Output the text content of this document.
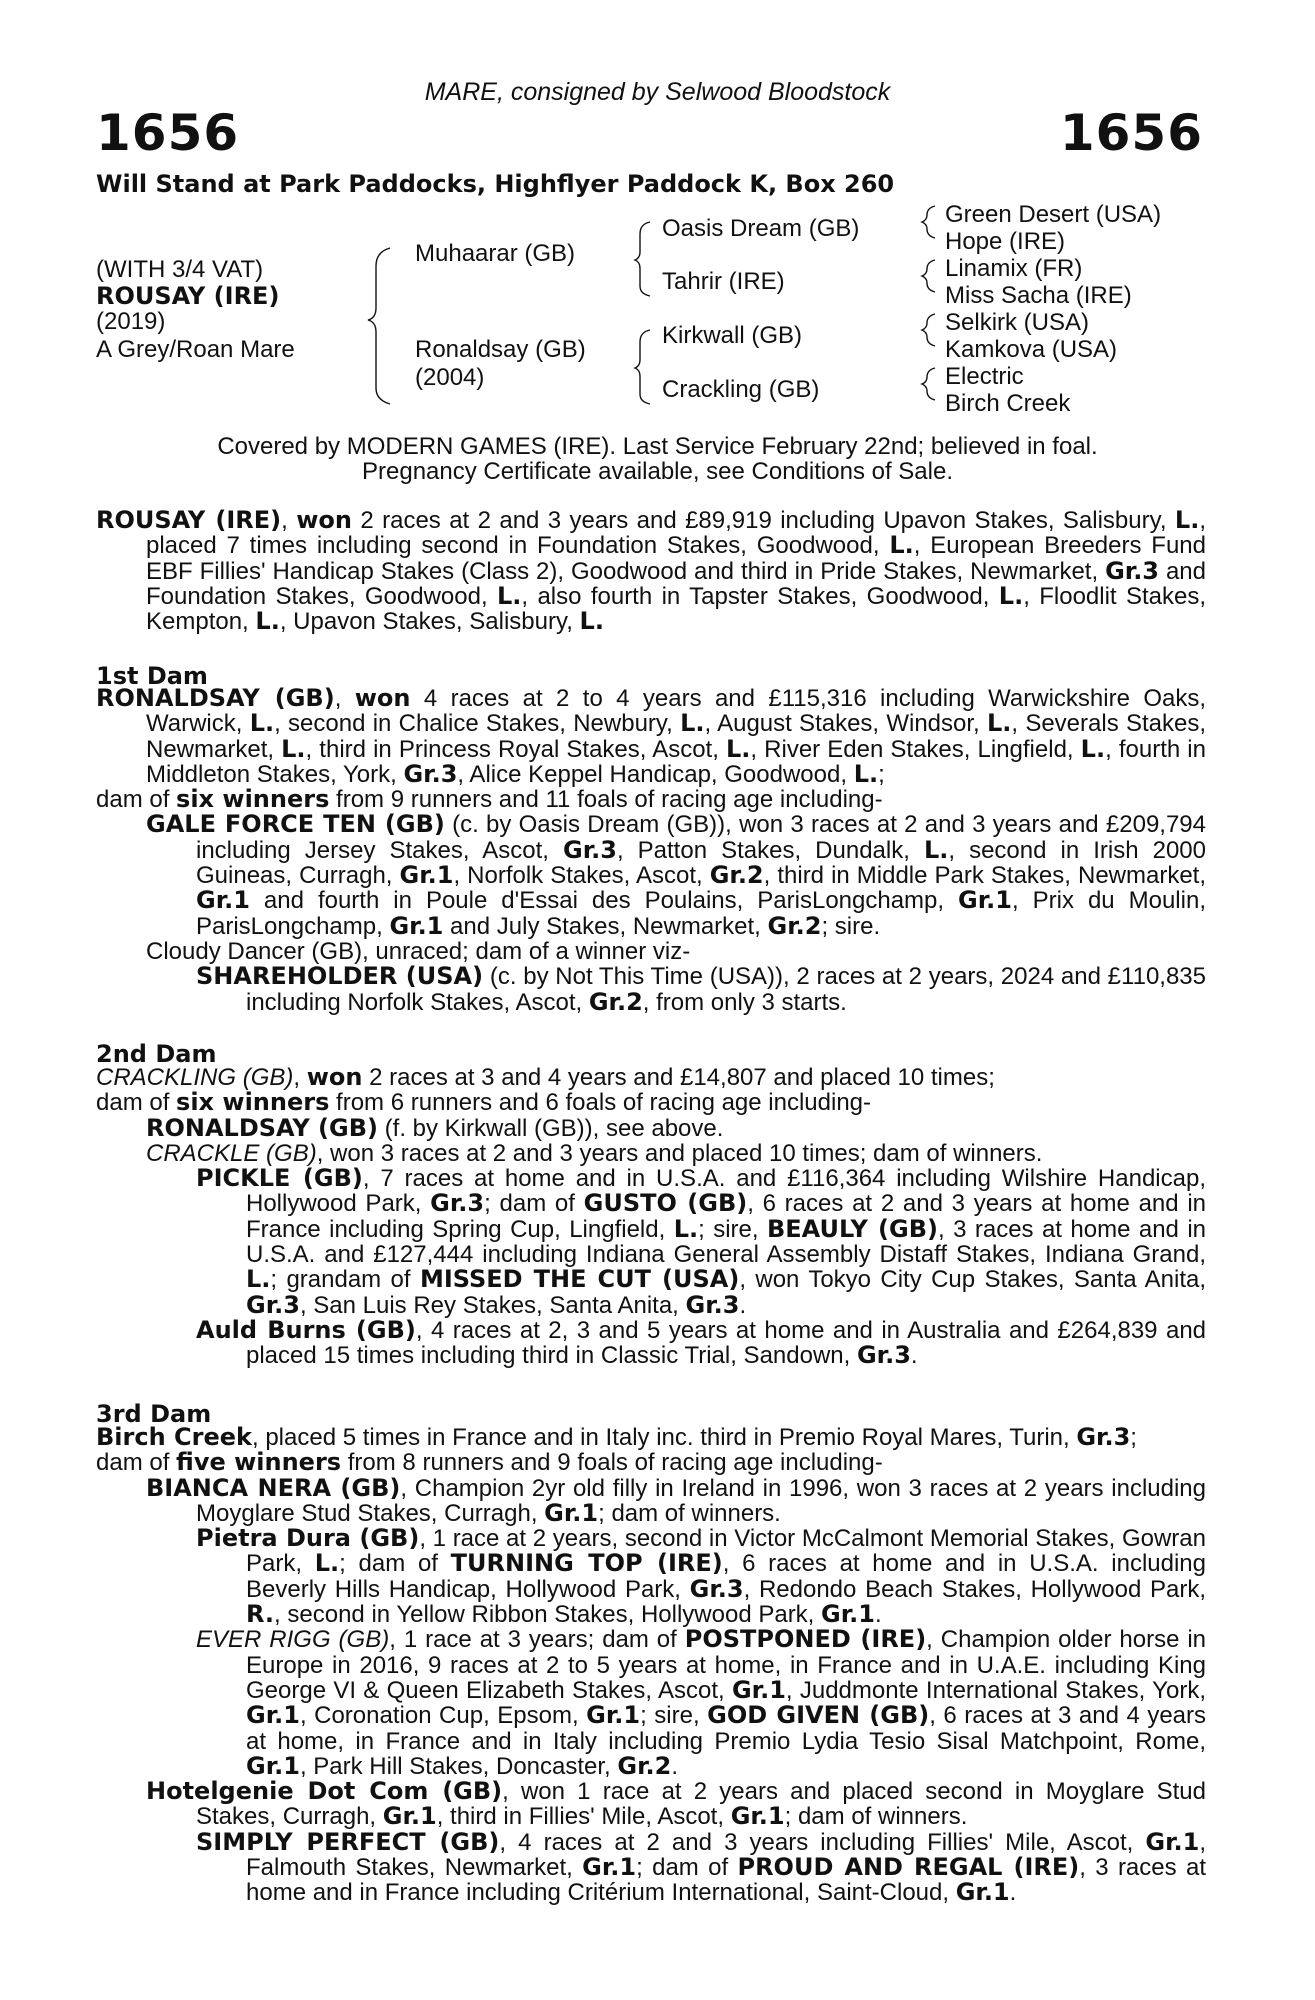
MARE, consigned by Selwood Bloodstock
1656	1656
Will Stand at Park Paddocks, Highflyer Paddock K, Box 260
(WITH 3/4 VAT)
ROUSAY (IRE)
(2019)
A Grey/Roan Mare
Muhaarar (GB)
Ronaldsay (GB)
(2004)
Oasis Dream (GB)
Tahrir (IRE)
Kirkwall (GB)
Crackling (GB)
Green Desert (USA)
Hope (IRE)
Linamix (FR)
Miss Sacha (IRE)
Selkirk (USA)
Kamkova (USA)
Electric
Birch Creek
Covered by MODERN GAMES (IRE). Last Service February 22nd; believed in foal.
Pregnancy Certificate available, see Conditions of Sale.
ROUSAY (IRE), won 2 races at 2 and 3 years and £89,919 including Upavon Stakes, Salisbury, L., placed 7 times including second in Foundation Stakes, Goodwood, L., European Breeders Fund EBF Fillies' Handicap Stakes (Class 2), Goodwood and third in Pride Stakes, Newmarket, Gr.3 and Foundation Stakes, Goodwood, L., also fourth in Tapster Stakes, Goodwood, L., Floodlit Stakes, Kempton, L., Upavon Stakes, Salisbury, L.
1st Dam
RONALDSAY (GB), won 4 races at 2 to 4 years and £115,316 including Warwickshire Oaks, Warwick, L., second in Chalice Stakes, Newbury, L., August Stakes, Windsor, L., Severals Stakes, Newmarket, L., third in Princess Royal Stakes, Ascot, L., River Eden Stakes, Lingfield, L., fourth in Middleton Stakes, York, Gr.3, Alice Keppel Handicap, Goodwood, L.;
dam of six winners from 9 runners and 11 foals of racing age including-
GALE FORCE TEN (GB) (c. by Oasis Dream (GB)), won 3 races at 2 and 3 years and £209,794 including Jersey Stakes, Ascot, Gr.3, Patton Stakes, Dundalk, L., second in Irish 2000 Guineas, Curragh, Gr.1, Norfolk Stakes, Ascot, Gr.2, third in Middle Park Stakes, Newmarket, Gr.1 and fourth in Poule d'Essai des Poulains, ParisLongchamp, Gr.1, Prix du Moulin, ParisLongchamp, Gr.1 and July Stakes, Newmarket, Gr.2; sire.
Cloudy Dancer (GB), unraced; dam of a winner viz-
SHAREHOLDER (USA) (c. by Not This Time (USA)), 2 races at 2 years, 2024 and £110,835 including Norfolk Stakes, Ascot, Gr.2, from only 3 starts.
2nd Dam
CRACKLING (GB), won 2 races at 3 and 4 years and £14,807 and placed 10 times;
dam of six winners from 6 runners and 6 foals of racing age including-
RONALDSAY (GB) (f. by Kirkwall (GB)), see above.
CRACKLE (GB), won 3 races at 2 and 3 years and placed 10 times; dam of winners.
PICKLE (GB), 7 races at home and in U.S.A. and £116,364 including Wilshire Handicap, Hollywood Park, Gr.3; dam of GUSTO (GB), 6 races at 2 and 3 years at home and in France including Spring Cup, Lingfield, L.; sire, BEAULY (GB), 3 races at home and in U.S.A. and £127,444 including Indiana General Assembly Distaff Stakes, Indiana Grand, L.; grandam of MISSED THE CUT (USA), won Tokyo City Cup Stakes, Santa Anita, Gr.3, San Luis Rey Stakes, Santa Anita, Gr.3.
Auld Burns (GB), 4 races at 2, 3 and 5 years at home and in Australia and £264,839 and placed 15 times including third in Classic Trial, Sandown, Gr.3.
3rd Dam
Birch Creek, placed 5 times in France and in Italy inc. third in Premio Royal Mares, Turin, Gr.3;
dam of five winners from 8 runners and 9 foals of racing age including-
BIANCA NERA (GB), Champion 2yr old filly in Ireland in 1996, won 3 races at 2 years including Moyglare Stud Stakes, Curragh, Gr.1; dam of winners.
Pietra Dura (GB), 1 race at 2 years, second in Victor McCalmont Memorial Stakes, Gowran Park, L.; dam of TURNING TOP (IRE), 6 races at home and in U.S.A. including Beverly Hills Handicap, Hollywood Park, Gr.3, Redondo Beach Stakes, Hollywood Park, R., second in Yellow Ribbon Stakes, Hollywood Park, Gr.1.
EVER RIGG (GB), 1 race at 3 years; dam of POSTPONED (IRE), Champion older horse in Europe in 2016, 9 races at 2 to 5 years at home, in France and in U.A.E. including King George VI & Queen Elizabeth Stakes, Ascot, Gr.1, Juddmonte International Stakes, York, Gr.1, Coronation Cup, Epsom, Gr.1; sire, GOD GIVEN (GB), 6 races at 3 and 4 years at home, in France and in Italy including Premio Lydia Tesio Sisal Matchpoint, Rome, Gr.1, Park Hill Stakes, Doncaster, Gr.2.
Hotelgenie Dot Com (GB), won 1 race at 2 years and placed second in Moyglare Stud Stakes, Curragh, Gr.1, third in Fillies' Mile, Ascot, Gr.1; dam of winners.
SIMPLY PERFECT (GB), 4 races at 2 and 3 years including Fillies' Mile, Ascot, Gr.1, Falmouth Stakes, Newmarket, Gr.1; dam of PROUD AND REGAL (IRE), 3 races at home and in France including Critérium International, Saint-Cloud, Gr.1.
